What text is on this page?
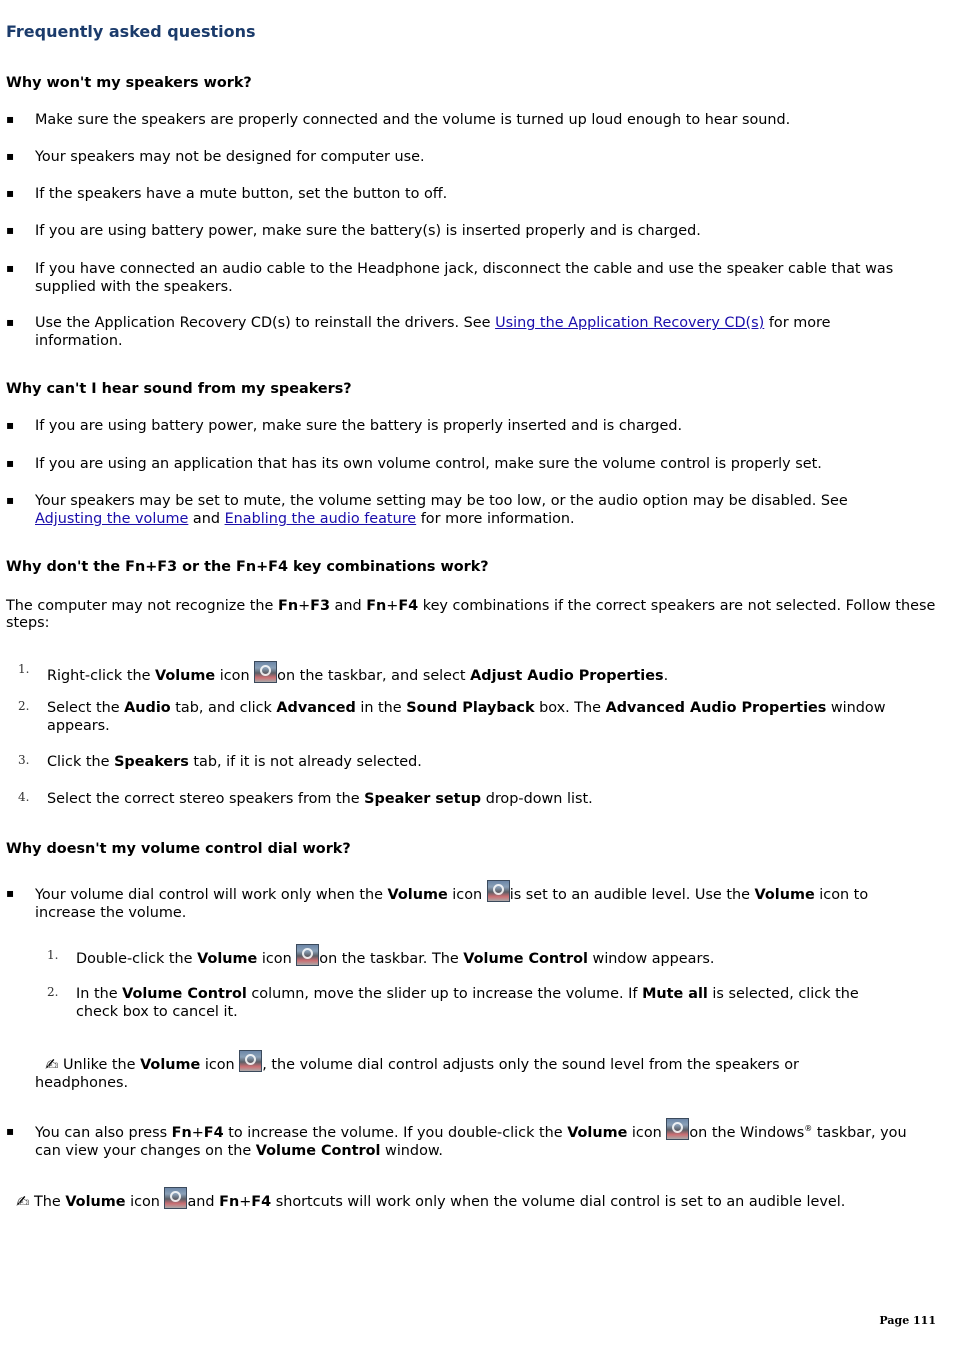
Frequently asked questions
Why won't my speakers work?
▪ Make sure the speakers are properly connected and the volume is turned up loud enough to hear sound.
▪ Your speakers may not be designed for computer use.
▪ If the speakers have a mute button, set the button to off.
▪ If you are using battery power, make sure the battery(s) is inserted properly and is charged.
▪ If you have connected an audio cable to the Headphone jack, disconnect the cable and use the speaker cable that was supplied with the speakers.
▪ Use the Application Recovery CD(s) to reinstall the drivers. See Using the Application Recovery CD(s) for more information.
Why can't I hear sound from my speakers?
▪ If you are using battery power, make sure the battery is properly inserted and is charged.
▪ If you are using an application that has its own volume control, make sure the volume control is properly set.
▪ Your speakers may be set to mute, the volume setting may be too low, or the audio option may be disabled. See Adjusting the volume and Enabling the audio feature for more information.
Why don't the Fn+F3 or the Fn+F4 key combinations work?
The computer may not recognize the Fn+F3 and Fn+F4 key combinations if the correct speakers are not selected. Follow these steps:
1. Right-click the Volume icon on the taskbar, and select Adjust Audio Properties.
2. Select the Audio tab, and click Advanced in the Sound Playback box. The Advanced Audio Properties window appears.
3. Click the Speakers tab, if it is not already selected.
4. Select the correct stereo speakers from the Speaker setup drop-down list.
Why doesn't my volume control dial work?
▪ Your volume dial control will work only when the Volume icon is set to an audible level. Use the Volume icon to increase the volume.
1. Double-click the Volume icon on the taskbar. The Volume Control window appears.
2. In the Volume Control column, move the slider up to increase the volume. If Mute all is selected, click the check box to cancel it.
✍ Unlike the Volume icon , the volume dial control adjusts only the sound level from the speakers or headphones.
▪ You can also press Fn+F4 to increase the volume. If you double-click the Volume icon on the Windows® taskbar, you can view your changes on the Volume Control window.
✍ The Volume icon and Fn+F4 shortcuts will work only when the volume dial control is set to an audible level.
Page 111
